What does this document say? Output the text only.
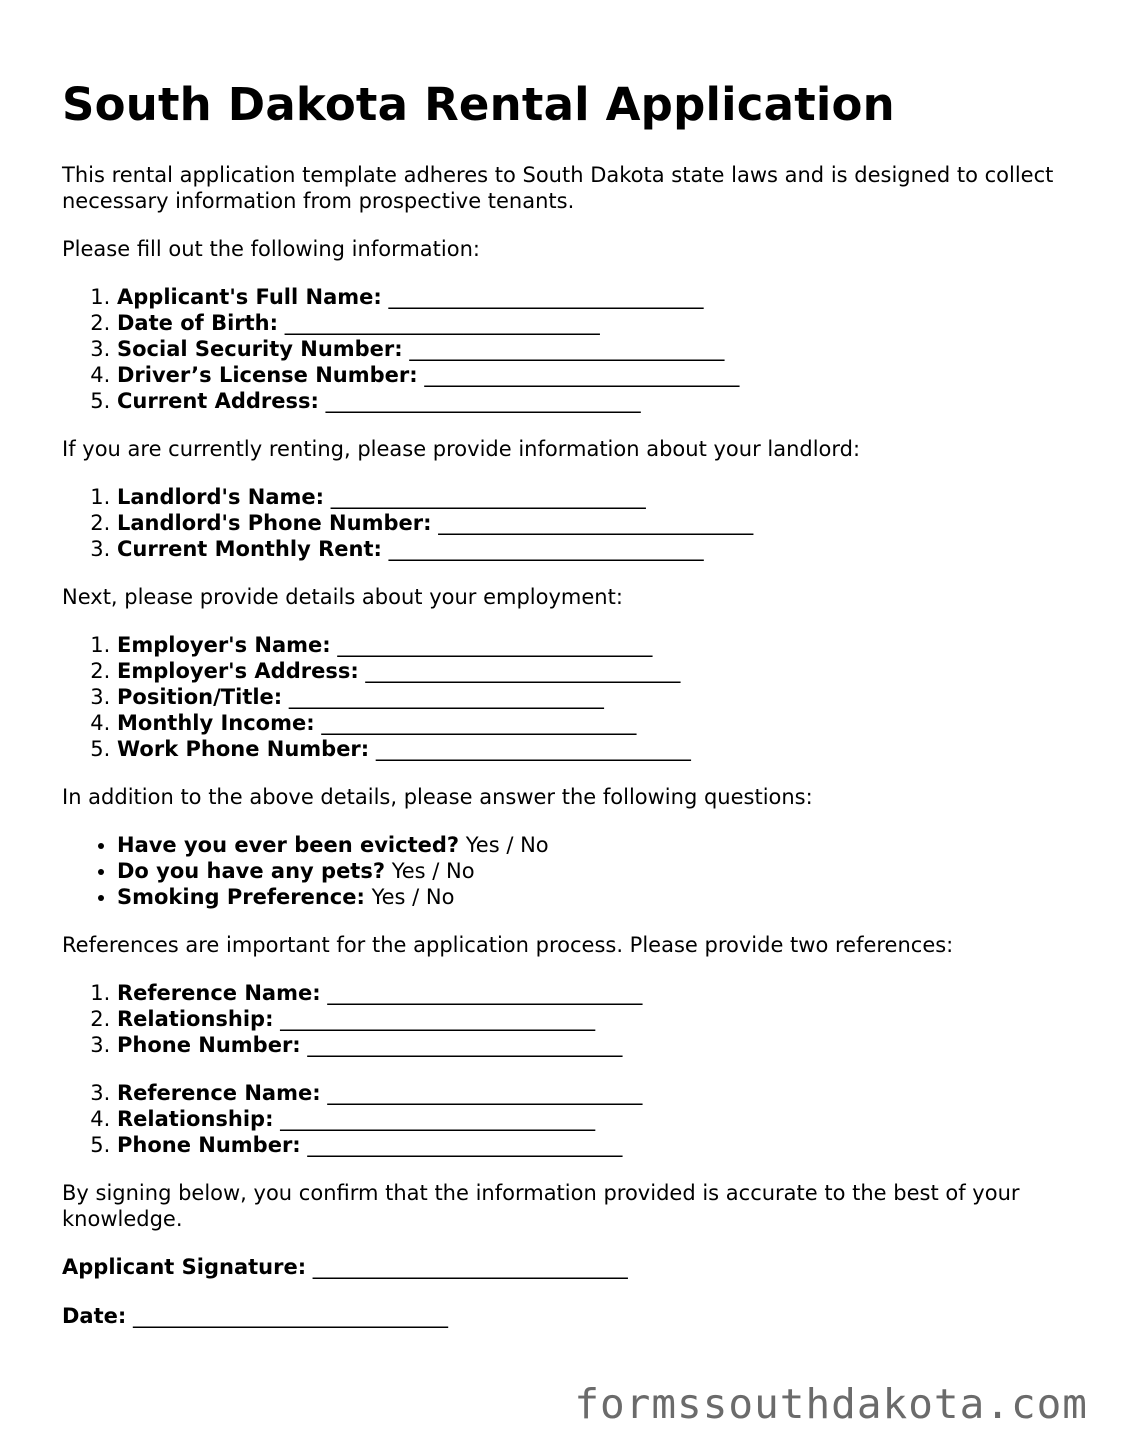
South Dakota Rental Application

This rental application template adheres to South Dakota state laws and is designed to collect necessary information from prospective tenants.

Please fill out the following information:

1. Applicant's Full Name: ______________________________
2. Date of Birth: ______________________________
3. Social Security Number: ______________________________
4. Driver’s License Number: ______________________________
5. Current Address: ______________________________

If you are currently renting, please provide information about your landlord:

1. Landlord's Name: ______________________________
2. Landlord's Phone Number: ______________________________
3. Current Monthly Rent: ______________________________

Next, please provide details about your employment:

1. Employer's Name: ______________________________
2. Employer's Address: ______________________________
3. Position/Title: ______________________________
4. Monthly Income: ______________________________
5. Work Phone Number: ______________________________

In addition to the above details, please answer the following questions:

• Have you ever been evicted? Yes / No
• Do you have any pets? Yes / No
• Smoking Preference: Yes / No

References are important for the application process. Please provide two references:

1. Reference Name: ______________________________
2. Relationship: ______________________________
3. Phone Number: ______________________________
3. Reference Name: ______________________________
4. Relationship: ______________________________
5. Phone Number: ______________________________

By signing below, you confirm that the information provided is accurate to the best of your knowledge.

Applicant Signature: ______________________________
Date: ______________________________
formssouthdakota.com
